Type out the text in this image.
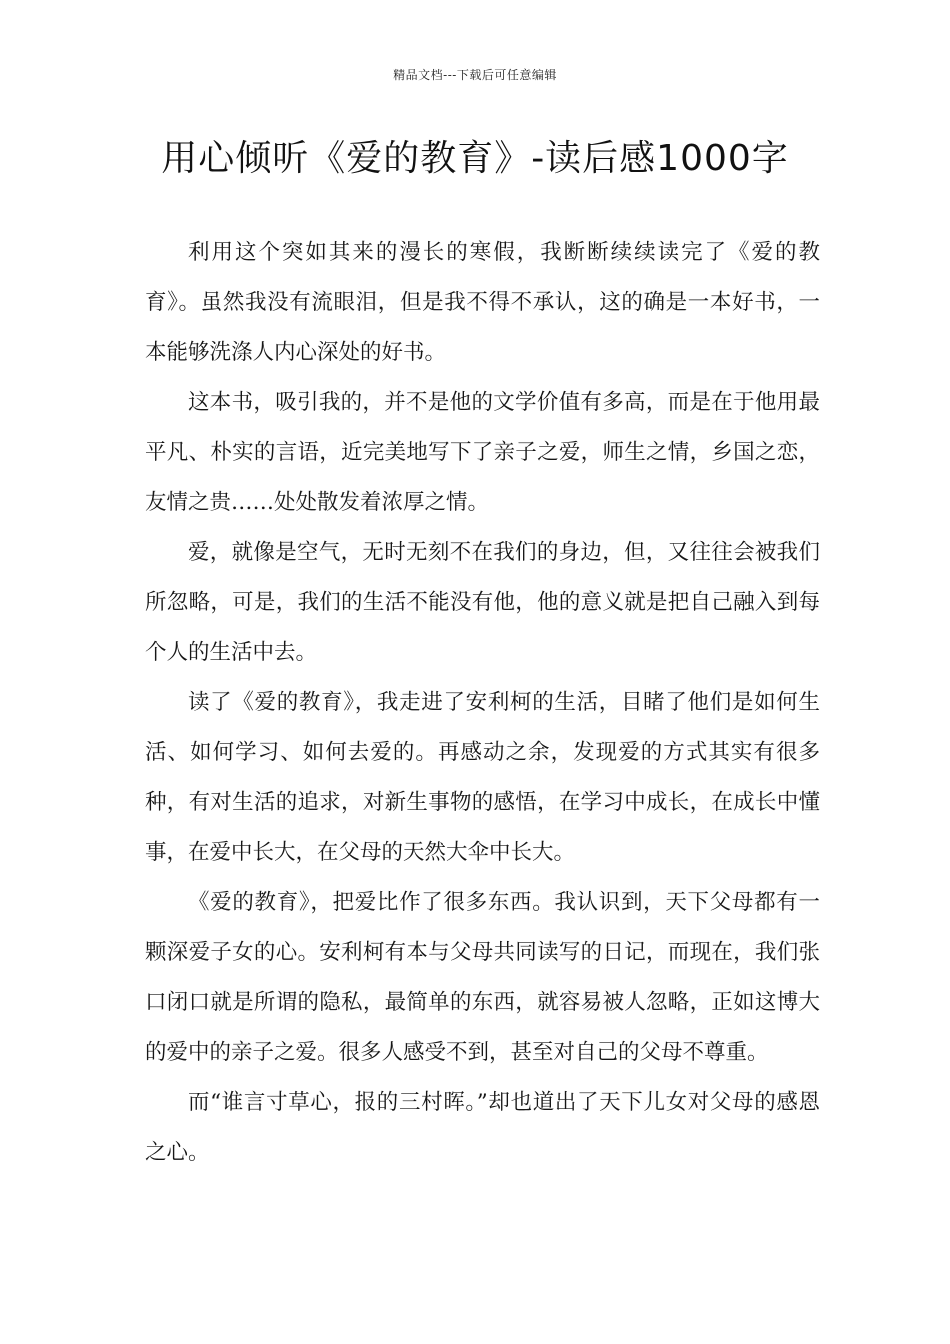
精品文档---下载后可任意编辑
用心倾听《爱的教育》-读后感1000字

利用这个突如其来的漫长的寒假，我断断续续读完了《爱的教育》。虽然我没有流眼泪，但是我不得不承认，这的确是一本好书，一本能够洗涤人内心深处的好书。

这本书，吸引我的，并不是他的文学价值有多高，而是在于他用最平凡、朴实的言语，近完美地写下了亲子之爱，师生之情，乡国之恋，友情之贵……处处散发着浓厚之情。

爱，就像是空气，无时无刻不在我们的身边，但，又往往会被我们所忽略，可是，我们的生活不能没有他，他的意义就是把自己融入到每个人的生活中去。

读了《爱的教育》，我走进了安利柯的生活，目睹了他们是如何生活、如何学习、如何去爱的。再感动之余，发现爱的方式其实有很多种，有对生活的追求，对新生事物的感悟，在学习中成长，在成长中懂事，在爱中长大，在父母的天然大伞中长大。

《爱的教育》，把爱比作了很多东西。我认识到，天下父母都有一颗深爱子女的心。安利柯有本与父母共同读写的日记，而现在，我们张口闭口就是所谓的隐私，最简单的东西，就容易被人忽略，正如这博大的爱中的亲子之爱。很多人感受不到，甚至对自己的父母不尊重。

而“谁言寸草心，报的三村晖。”却也道出了天下儿女对父母的感恩之心。
